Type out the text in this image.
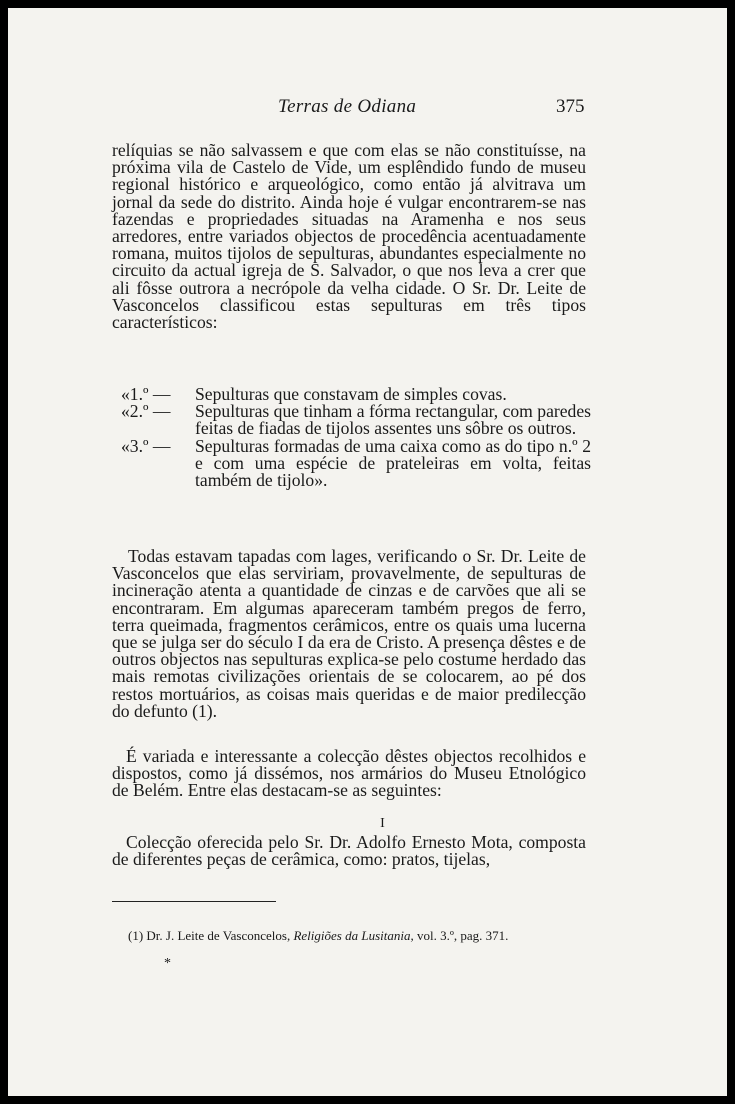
Terras de Odiana	375

relíquias se não salvassem e que com elas se não constituísse, na próxima vila de Castelo de Vide, um esplêndido fundo de museu regional histórico e arqueológico, como então já alvitrava um jornal da sede do distrito. Ainda hoje é vulgar encontrarem-se nas fazendas e propriedades situadas na Aramenha e nos seus arredores, entre variados objectos de procedência acentuadamente romana, muitos tijolos de sepulturas, abundantes especialmente no circuito da actual igreja de S. Salvador, o que nos leva a crer que ali fôsse outrora a necrópole da velha cidade. O Sr. Dr. Leite de Vasconcelos classificou estas sepulturas em três tipos característicos:

«1.º —	Sepulturas que constavam de simples covas.
«2.º —	Sepulturas que tinham a fórma rectangular, com paredes feitas de fiadas de tijolos assentes uns sôbre os outros.
«3.º —	Sepulturas formadas de uma caixa como as do tipo n.º 2 e com uma espécie de prateleiras em volta, feitas também de tijolo».

Todas estavam tapadas com lages, verificando o Sr. Dr. Leite de Vasconcelos que elas serviriam, provavelmente, de sepulturas de incineração atenta a quantidade de cinzas e de carvões que ali se encontraram. Em algumas apareceram também pregos de ferro, terra queimada, fragmentos cerâmicos, entre os quais uma lucerna que se julga ser do século I da era de Cristo. A presença dêstes e de outros objectos nas sepulturas explica-se pelo costume herdado das mais remotas civilizações orientais de se colocarem, ao pé dos restos mortuários, as coisas mais queridas e de maior predilecção do defunto (1).

É variada e interessante a colecção dêstes objectos recolhidos e dispostos, como já dissémos, nos armários do Museu Etnológico de Belém. Entre elas destacam-se as seguintes:

I

Colecção oferecida pelo Sr. Dr. Adolfo Ernesto Mota, composta de diferentes peças de cerâmica, como: pratos, tijelas,

(1) Dr. J. Leite de Vasconcelos, Religiões da Lusitania, vol. 3.º, pag. 371.

*
